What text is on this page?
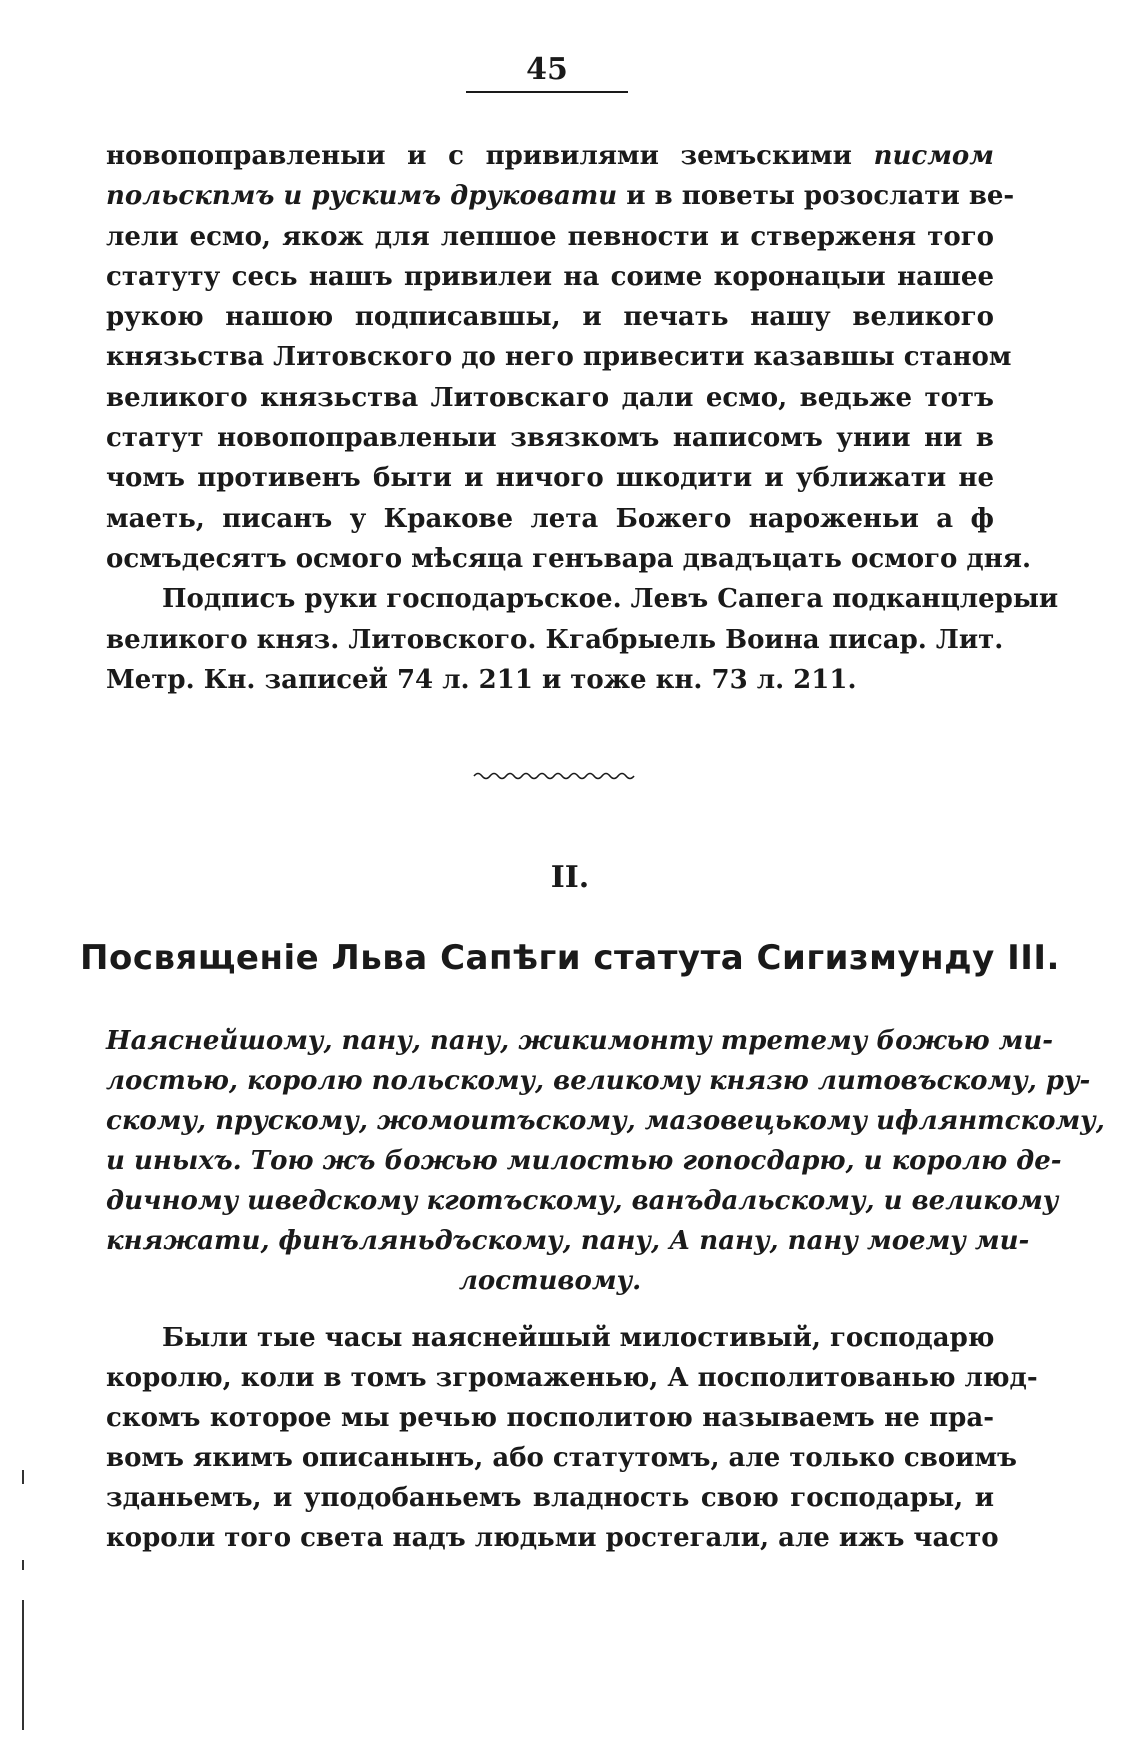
45
новопоправленыи и с привилями земъскими писмом
польскпмъ и рускимъ друковати и в поветы розослати ве-
лели есмо, якож для лепшое певности и стверженя того
статуту сесь нашъ привилеи на соиме коронацыи нашее
рукою нашою подписавшы, и печать нашу великого
князьства Литовского до него привесити казавшы станом
великого князьства Литовскаго дали есмо, ведьже тотъ
статут новопоправленыи звязкомъ написомъ унии ни в
чомъ противенъ быти и ничого шкодити и уближати не
маеть, писанъ у Кракове лета Божего нароженьи а ф
осмъдесятъ осмого мѣсяца генъвара двадъцать осмого дня.
Подписъ руки господаръское. Левъ Сапега подканцлерыи
великого княз. Литовского. Кгабрыель Воина писар. Лит.
Метр. Кн. записей 74 л. 211 и тоже кн. 73 л. 211.
II.
Посвященіе Льва Сапѣги статута Сигизмунду III.
Наяснейшому, пану, пану, жикимонту третему божью ми-
лостью, королю польскому, великому князю литовъскому, ру-
скому, прускому, жомоитъскому, мазовецькому ифлянтскому,
и иныхъ. Тою жъ божью милостью гопосдарю, и королю де-
дичному шведскому кготъскому, ванъдальскому, и великому
княжати, финъляньдъскому, пану, А пану, пану моему ми-
лостивому.
Были тые часы наяснейшый милостивый, господарю
королю, коли в томъ згромаженью, А посполитованью люд-
скомъ которое мы речью посполитою называемъ не пра-
вомъ якимъ описанынъ, або статутомъ, але только своимъ
зданьемъ, и уподобаньемъ владность свою господары, и
короли того света надъ людьми ростегали, але ижъ часто
